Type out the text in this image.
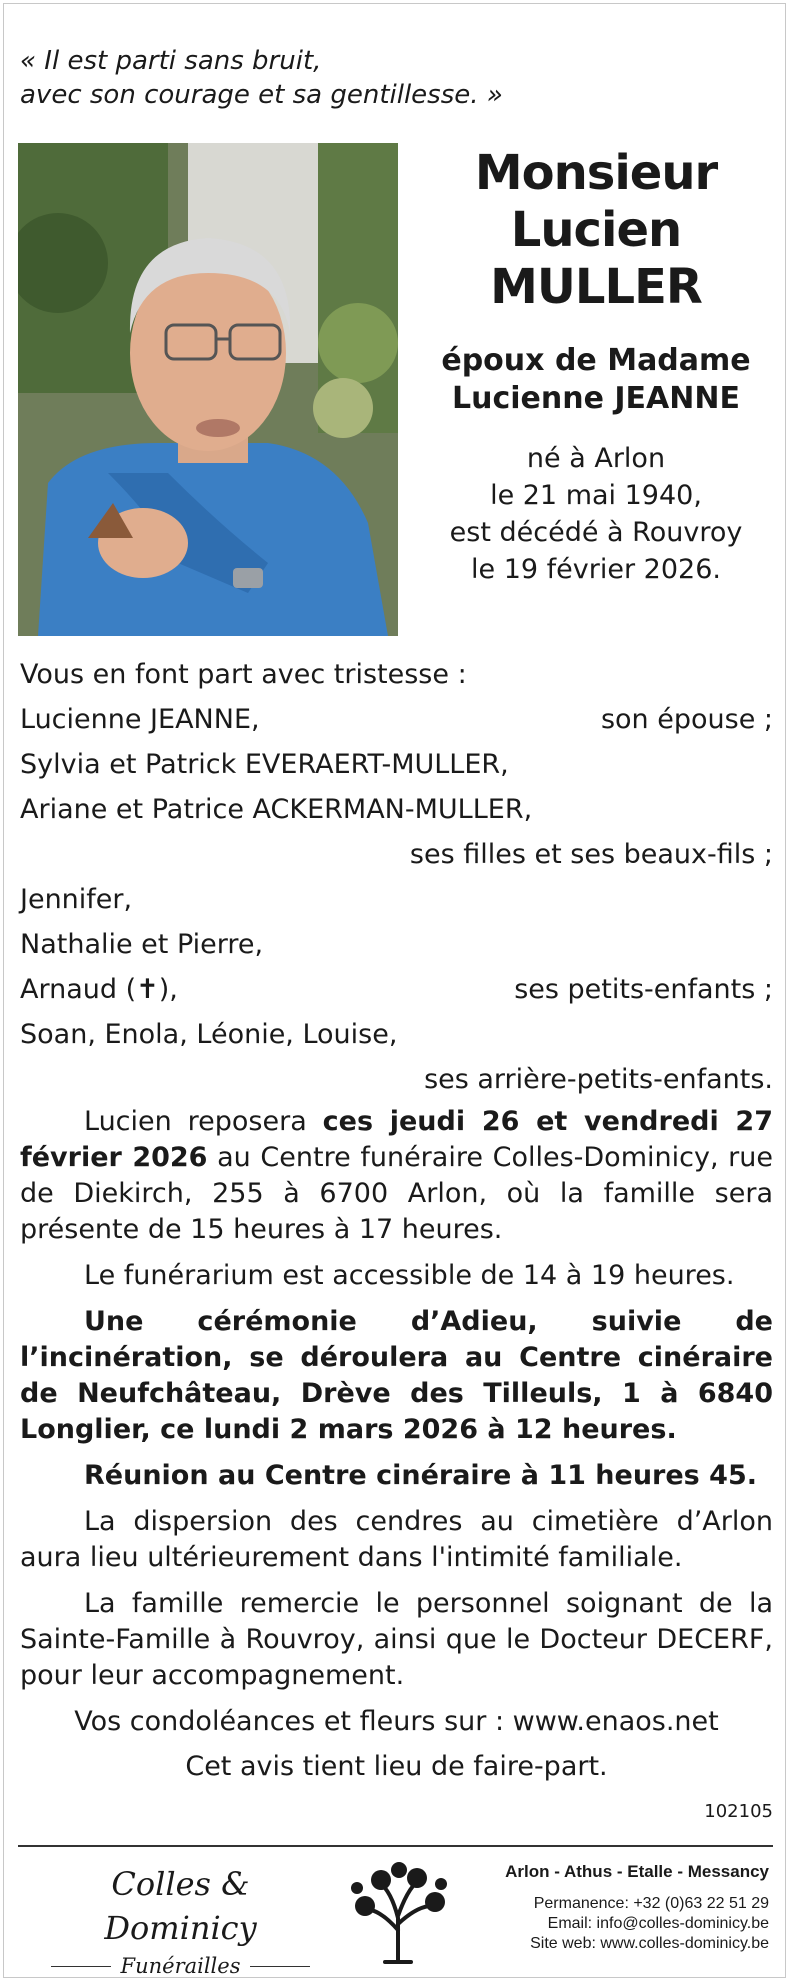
« Il est parti sans bruit,
avec son courage et sa gentillesse. »
Monsieur
Lucien
MULLER
époux de Madame
Lucienne JEANNE
né à Arlon
le 21 mai 1940,
est décédé à Rouvroy
le 19 février 2026.
Vous en font part avec tristesse :
Lucienne JEANNE,	son épouse ;
Sylvia et Patrick EVERAERT-MULLER,
Ariane et Patrice ACKERMAN-MULLER,
ses filles et ses beaux-fils ;
Jennifer,
Nathalie et Pierre,
Arnaud (✝),	ses petits-enfants ;
Soan, Enola, Léonie, Louise,
ses arrière-petits-enfants.

Lucien reposera ces jeudi 26 et vendredi 27 février 2026 au Centre funéraire Colles-Dominicy, rue de Diekirch, 255 à 6700 Arlon, où la famille sera présente de 15 heures à 17 heures.

Le funérarium est accessible de 14 à 19 heures.

Une cérémonie d’Adieu, suivie de l’incinération, se déroulera au Centre cinéraire de Neufchâteau, Drève des Tilleuls, 1 à 6840 Longlier, ce lundi 2 mars 2026 à 12 heures.

Réunion au Centre cinéraire à 11 heures 45.

La dispersion des cendres au cimetière d’Arlon aura lieu ultérieurement dans l'intimité familiale.

La famille remercie le personnel soignant de la Sainte-Famille à Rouvroy, ainsi que le Docteur DECERF, pour leur accompagnement.

Vos condoléances et fleurs sur : www.enaos.net

Cet avis tient lieu de faire-part.

102105
Colles & Dominicy
Funérailles
Arlon - Athus - Etalle - Messancy
Permanence: +32 (0)63 22 51 29
Email: info@colles-dominicy.be
Site web: www.colles-dominicy.be
